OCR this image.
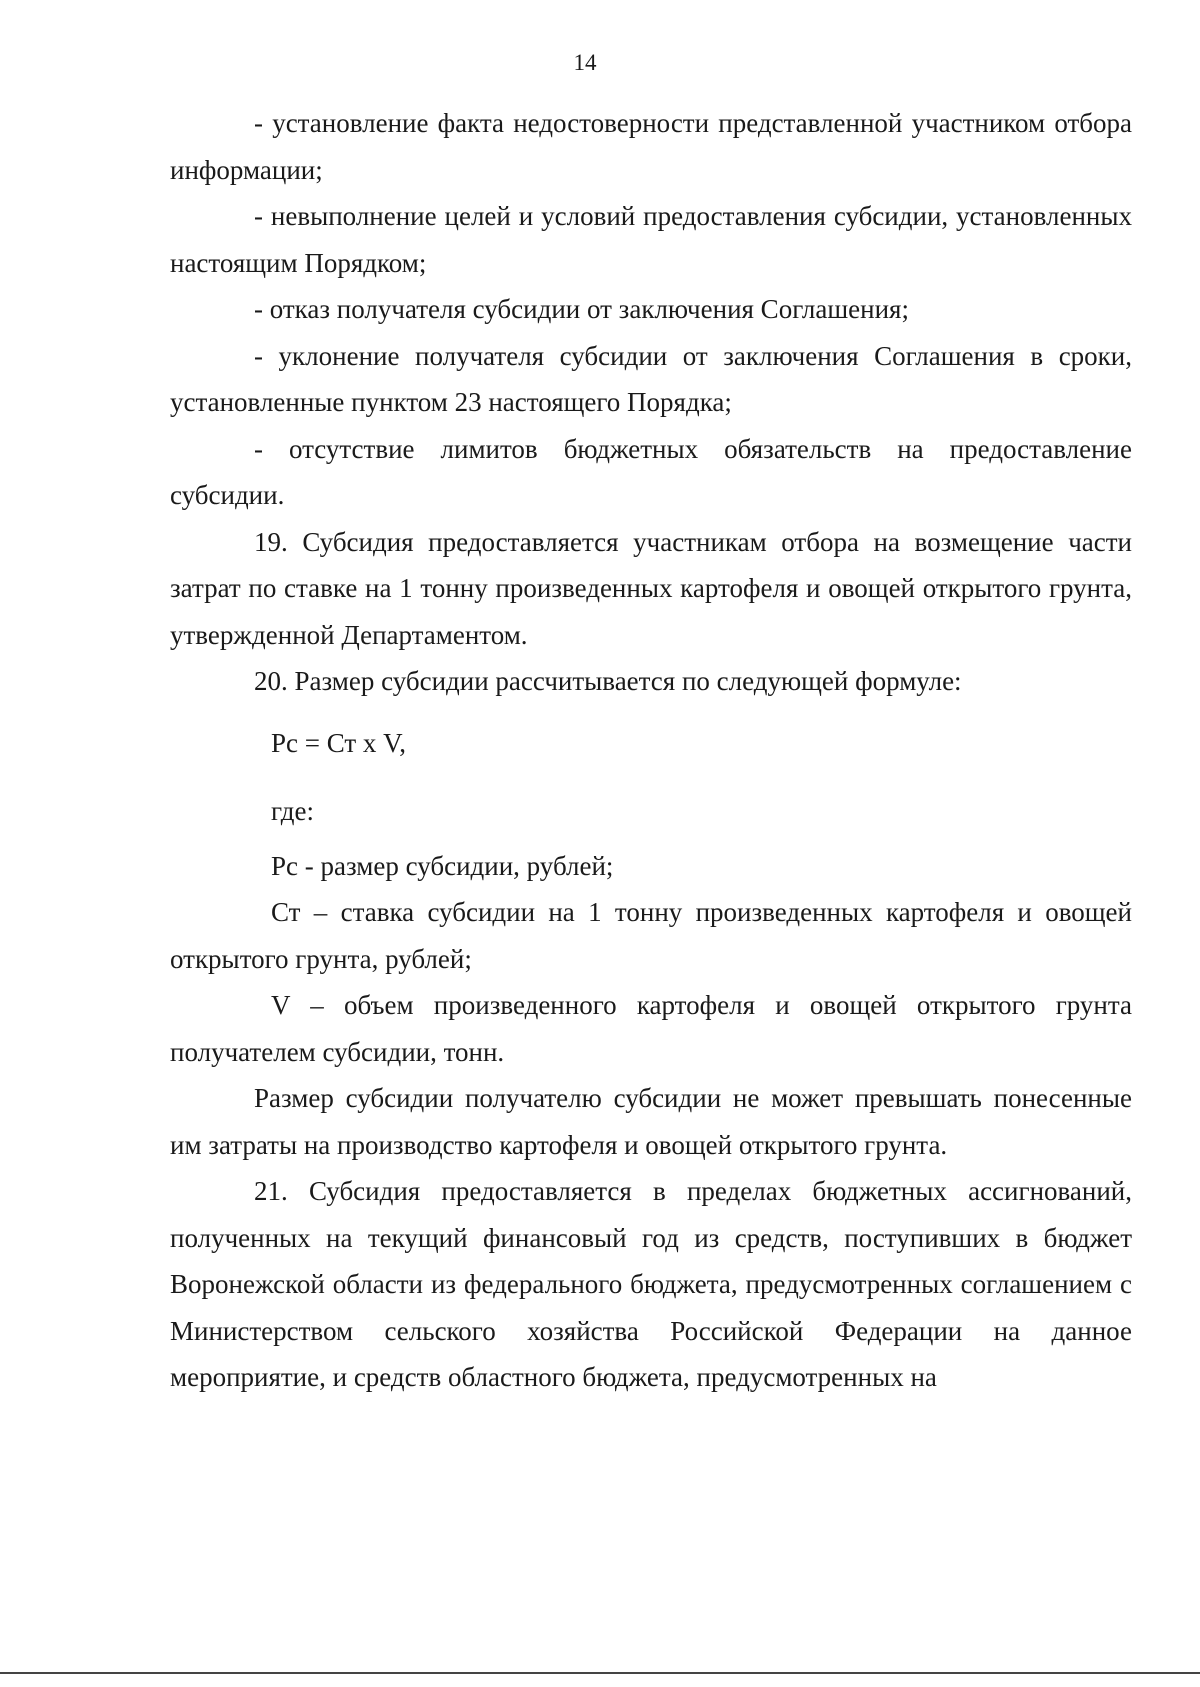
14

- установление факта недостоверности представленной участником отбора информации;

- невыполнение целей и условий предоставления субсидии, установленных настоящим Порядком;

- отказ получателя субсидии от заключения Соглашения;

- уклонение получателя субсидии от заключения Соглашения в сроки, установленные пунктом 23 настоящего Порядка;

- отсутствие лимитов бюджетных обязательств на предоставление субсидии.

19. Субсидия предоставляется участникам отбора на возмещение части затрат по ставке на 1 тонну произведенных картофеля и овощей открытого грунта, утвержденной Департаментом.

20. Размер субсидии рассчитывается по следующей формуле:

Рс = Ст х V,

где:

Рс - размер субсидии, рублей;

Ст – ставка субсидии на 1 тонну произведенных картофеля и овощей открытого грунта, рублей;

V – объем произведенного картофеля и овощей открытого грунта получателем субсидии, тонн.

Размер субсидии получателю субсидии не может превышать понесенные им затраты на производство картофеля и овощей открытого грунта.

21. Субсидия предоставляется в пределах бюджетных ассигнований, полученных на текущий финансовый год из средств, поступивших в бюджет Воронежской области из федерального бюджета, предусмотренных соглашением с Министерством сельского хозяйства Российской Федерации на данное мероприятие, и средств областного бюджета, предусмотренных на
